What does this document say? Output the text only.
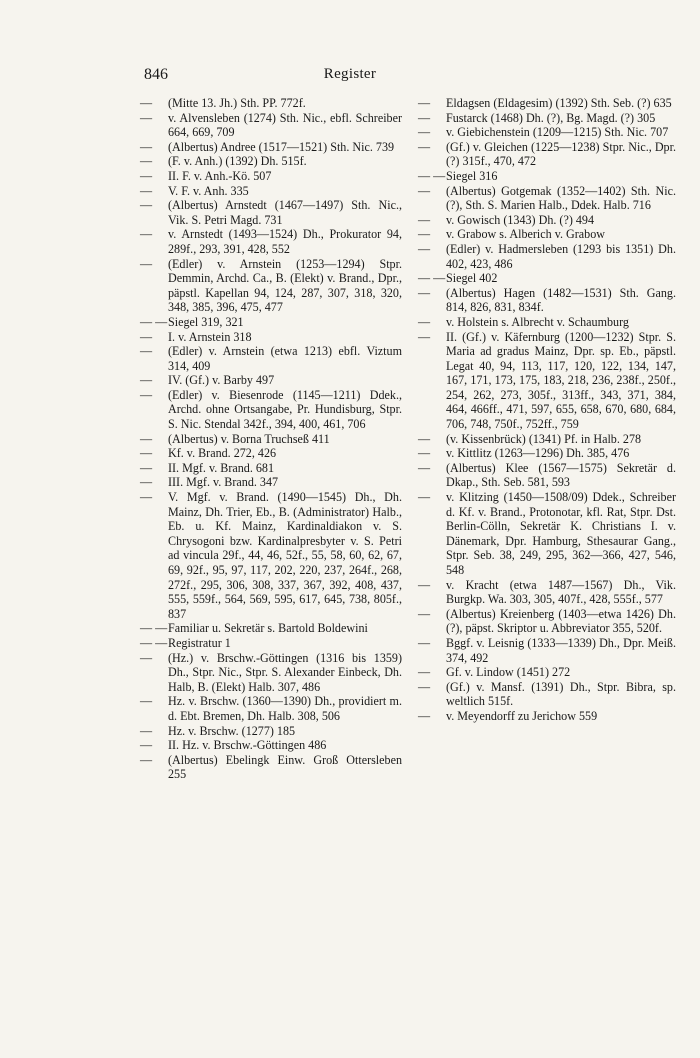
846	Register

— (Mitte 13. Jh.) Sth. PP. 772f.

— v. Alvensleben (1274) Sth. Nic., ebfl. Schreiber 664, 669, 709

— (Albertus) Andree (1517—1521) Sth. Nic. 739

— (F. v. Anh.) (1392) Dh. 515f.

— II. F. v. Anh.-Kö. 507

— V. F. v. Anh. 335

— (Albertus) Arnstedt (1467—1497) Sth. Nic., Vik. S. Petri Magd. 731

— v. Arnstedt (1493—1524) Dh., Prokurator 94, 289f., 293, 391, 428, 552

— (Edler) v. Arnstein (1253—1294) Stpr. Demmin, Archd. Ca., B. (Elekt) v. Brand., Dpr., päpstl. Kapellan 94, 124, 287, 307, 318, 320, 348, 385, 396, 475, 477

— — Siegel 319, 321

— I. v. Arnstein 318

— (Edler) v. Arnstein (etwa 1213) ebfl. Viztum 314, 409

— IV. (Gf.) v. Barby 497

— (Edler) v. Biesenrode (1145—1211) Ddek., Archd. ohne Ortsangabe, Pr. Hundisburg, Stpr. S. Nic. Stendal 342f., 394, 400, 461, 706

— (Albertus) v. Borna Truchseß 411

— Kf. v. Brand. 272, 426

— II. Mgf. v. Brand. 681

— III. Mgf. v. Brand. 347

— V. Mgf. v. Brand. (1490—1545) Dh., Dh. Mainz, Dh. Trier, Eb., B. (Administrator) Halb., Eb. u. Kf. Mainz, Kardinaldiakon v. S. Chrysogoni bzw. Kardinalpresbyter v. S. Petri ad vincula 29f., 44, 46, 52f., 55, 58, 60, 62, 67, 69, 92f., 95, 97, 117, 202, 220, 237, 264f., 268, 272f., 295, 306, 308, 337, 367, 392, 408, 437, 555, 559f., 564, 569, 595, 617, 645, 738, 805f., 837

— — Familiar u. Sekretär s. Bartold Boldewini

— — Registratur 1

— (Hz.) v. Brschw.-Göttingen (1316 bis 1359) Dh., Stpr. Nic., Stpr. S. Alexander Einbeck, Dh. Halb, B. (Elekt) Halb. 307, 486

— Hz. v. Brschw. (1360—1390) Dh., providiert m. d. Ebt. Bremen, Dh. Halb. 308, 506

— Hz. v. Brschw. (1277) 185

— II. Hz. v. Brschw.-Göttingen 486

— (Albertus) Ebelingk Einw. Groß Ottersleben 255

— Eldagsen (Eldagesim) (1392) Sth. Seb. (?) 635

— Fustarck (1468) Dh. (?), Bg. Magd. (?) 305

— v. Giebichenstein (1209—1215) Sth. Nic. 707

— (Gf.) v. Gleichen (1225—1238) Stpr. Nic., Dpr. (?) 315f., 470, 472

— — Siegel 316

— (Albertus) Gotgemak (1352—1402) Sth. Nic. (?), Sth. S. Marien Halb., Ddek. Halb. 716

— v. Gowisch (1343) Dh. (?) 494

— v. Grabow s. Alberich v. Grabow

— (Edler) v. Hadmersleben (1293 bis 1351) Dh. 402, 423, 486

— — Siegel 402

— (Albertus) Hagen (1482—1531) Sth. Gang. 814, 826, 831, 834f.

— v. Holstein s. Albrecht v. Schaumburg

— II. (Gf.) v. Käfernburg (1200—1232) Stpr. S. Maria ad gradus Mainz, Dpr. sp. Eb., päpstl. Legat 40, 94, 113, 117, 120, 122, 134, 147, 167, 171, 173, 175, 183, 218, 236, 238f., 250f., 254, 262, 273, 305f., 313ff., 343, 371, 384, 464, 466ff., 471, 597, 655, 658, 670, 680, 684, 706, 748, 750f., 752ff., 759

— (v. Kissenbrück) (1341) Pf. in Halb. 278

— v. Kittlitz (1263—1296) Dh. 385, 476

— (Albertus) Klee (1567—1575) Sekretär d. Dkap., Sth. Seb. 581, 593

— v. Klitzing (1450—1508/09) Ddek., Schreiber d. Kf. v. Brand., Protonotar, kfl. Rat, Stpr. Dst. Berlin-Cölln, Sekretär K. Christians I. v. Dänemark, Dpr. Hamburg, Sthesaurar Gang., Stpr. Seb. 38, 249, 295, 362—366, 427, 546, 548

— v. Kracht (etwa 1487—1567) Dh., Vik. Burgkp. Wa. 303, 305, 407f., 428, 555f., 577

— (Albertus) Kreienberg (1403—etwa 1426) Dh. (?), päpst. Skriptor u. Abbreviator 355, 520f.

— Bggf. v. Leisnig (1333—1339) Dh., Dpr. Meiß. 374, 492

— Gf. v. Lindow (1451) 272

— (Gf.) v. Mansf. (1391) Dh., Stpr. Bibra, sp. weltlich 515f.

— v. Meyendorff zu Jerichow 559
